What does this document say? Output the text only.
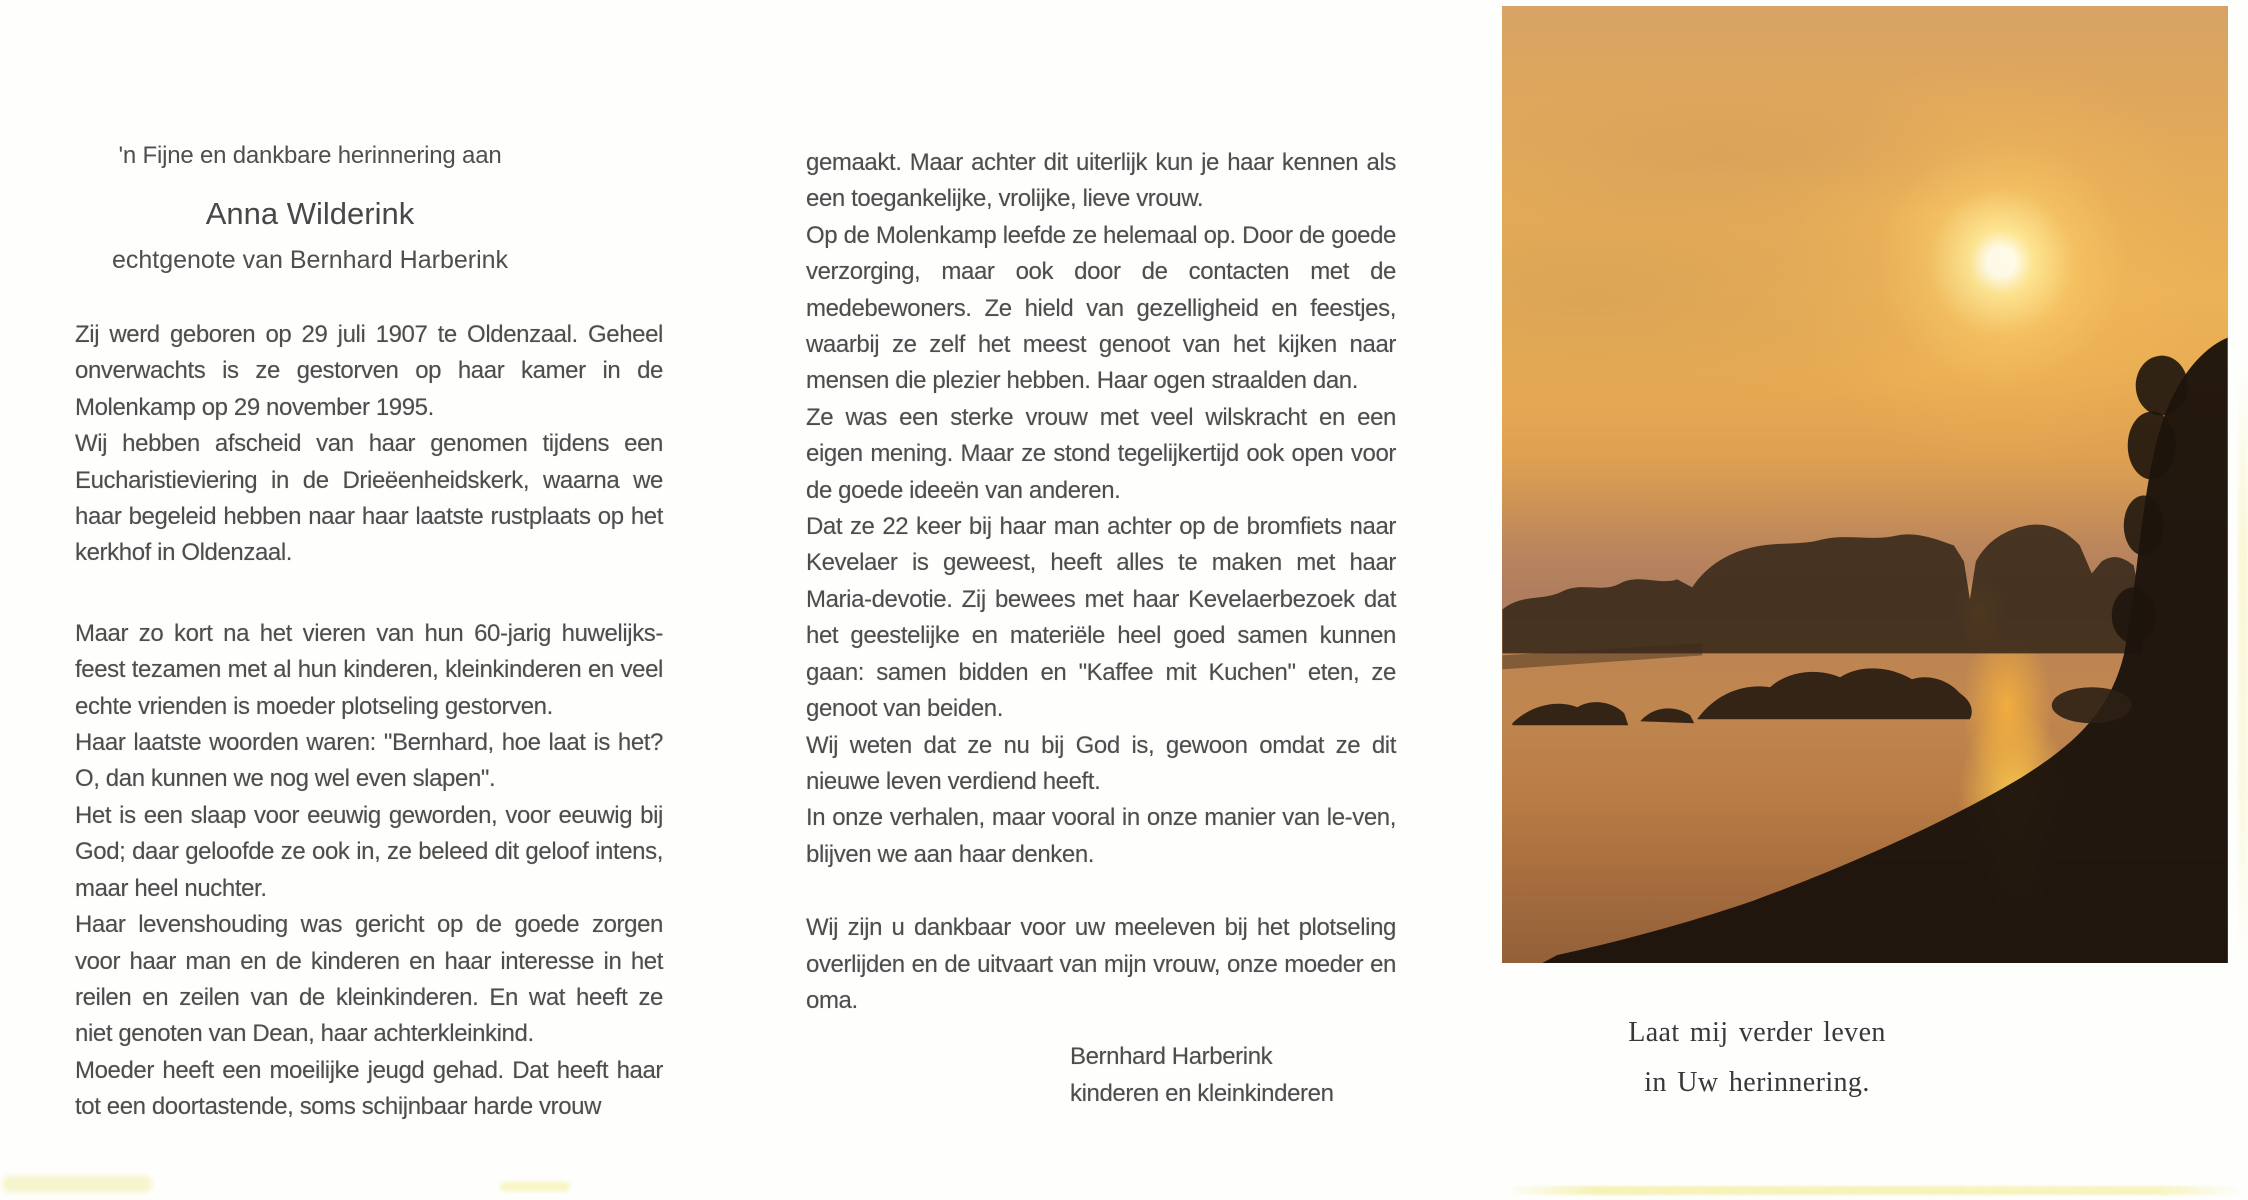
'n Fijne en dankbare herinnering aan

Anna Wilderink

echtgenote van Bernhard Harberink

Zij werd geboren op 29 juli 1907 te Oldenzaal. Geheel onverwachts is ze gestorven op haar kamer in de Molenkamp op 29 november 1995.

Wij hebben afscheid van haar genomen tijdens een Eucharistieviering in de Drieëenheidskerk, waarna we haar begeleid hebben naar haar laatste rustplaats op het kerkhof in Oldenzaal.

Maar zo kort na het vieren van hun 60-jarig huwelijks-feest tezamen met al hun kinderen, kleinkinderen en veel echte vrienden is moeder plotseling gestorven.

Haar laatste woorden waren: "Bernhard, hoe laat is het? O, dan kunnen we nog wel even slapen".

Het is een slaap voor eeuwig geworden, voor eeuwig bij God; daar geloofde ze ook in, ze beleed dit geloof intens, maar heel nuchter.

Haar levenshouding was gericht op de goede zorgen voor haar man en de kinderen en haar interesse in het reilen en zeilen van de kleinkinderen. En wat heeft ze niet genoten van Dean, haar achterkleinkind.

Moeder heeft een moeilijke jeugd gehad. Dat heeft haar tot een doortastende, soms schijnbaar harde vrouw

gemaakt. Maar achter dit uiterlijk kun je haar kennen als een toegankelijke, vrolijke, lieve vrouw.

Op de Molenkamp leefde ze helemaal op. Door de goede verzorging, maar ook door de contacten met de medebewoners. Ze hield van gezelligheid en feestjes, waarbij ze zelf het meest genoot van het kijken naar mensen die plezier hebben. Haar ogen straalden dan.

Ze was een sterke vrouw met veel wilskracht en een eigen mening. Maar ze stond tegelijkertijd ook open voor de goede ideeën van anderen.

Dat ze 22 keer bij haar man achter op de bromfiets naar Kevelaer is geweest, heeft alles te maken met haar Maria-devotie. Zij bewees met haar Kevelaerbezoek dat het geestelijke en materiële heel goed samen kunnen gaan: samen bidden en "Kaffee mit Kuchen" eten, ze genoot van beiden.

Wij weten dat ze nu bij God is, gewoon omdat ze dit nieuwe leven verdiend heeft.

In onze verhalen, maar vooral in onze manier van le-ven, blijven we aan haar denken.

Wij zijn u dankbaar voor uw meeleven bij het plotseling overlijden en de uitvaart van mijn vrouw, onze moeder en oma.

Bernhard Harberink

kinderen en kleinkinderen

Laat mij verder leven
in Uw herinnering.
